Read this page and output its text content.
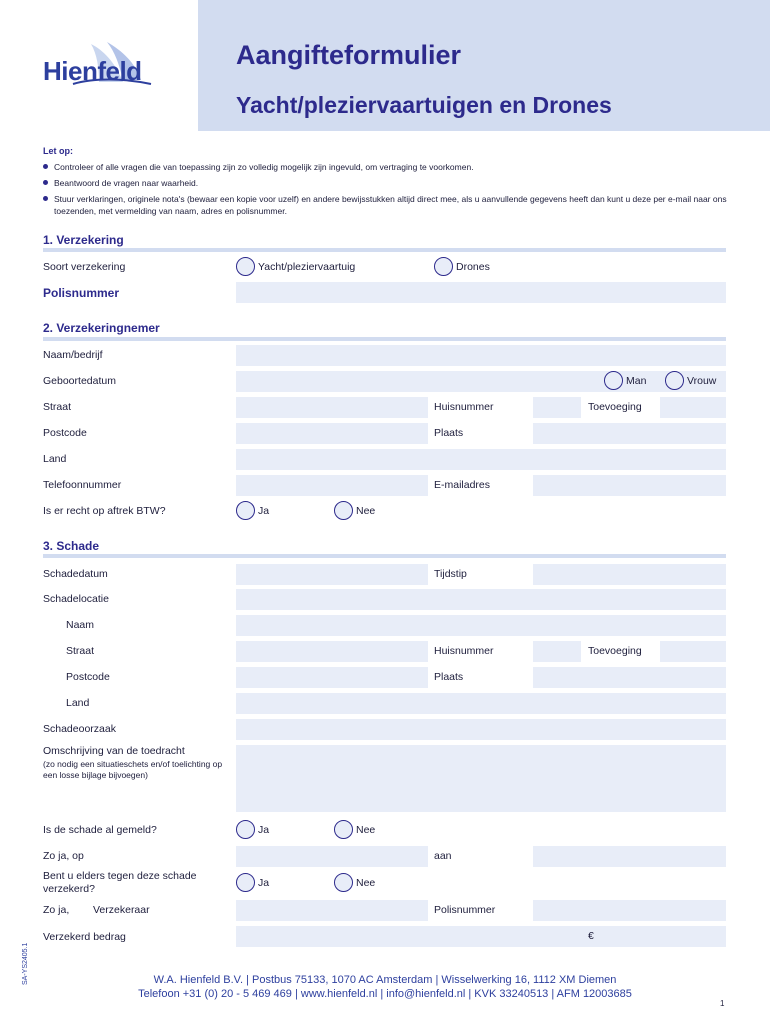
Hienfeld
Aangifteformulier
Yacht/pleziervaartuigen en Drones
Let op:
Controleer of alle vragen die van toepassing zijn zo volledig mogelijk zijn ingevuld, om vertraging te voorkomen.
Beantwoord de vragen naar waarheid.
Stuur verklaringen, originele nota's (bewaar een kopie voor uzelf) en andere bewijsstukken altijd direct mee, als u aanvullende gegevens heeft dan kunt u deze per e-mail naar ons toezenden, met vermelding van naam, adres en polisnummer.
1. Verzekering
Soort verzekering	Yacht/pleziervaartuig	Drones
Polisnummer
2. Verzekeringnemer
Naam/bedrijf
Geboortedatum	Man	Vrouw
Straat	Huisnummer	Toevoeging
Postcode	Plaats
Land
Telefoonnummer	E-mailadres
Is er recht op aftrek BTW?	Ja	Nee
3. Schade
Schadedatum	Tijdstip
Schadelocatie
Naam
Straat	Huisnummer	Toevoeging
Postcode	Plaats
Land
Schadeoorzaak
Omschrijving van de toedracht
(zo nodig een situatieschets en/of toelichting op een losse bijlage bijvoegen)
Is de schade al gemeld?	Ja	Nee
Zo ja, op	aan
Bent u elders tegen deze schade verzekerd?	Ja	Nee
Zo ja, Verzekeraar	Polisnummer
Verzekerd bedrag	€
W.A. Hienfeld B.V. | Postbus 75133, 1070 AC Amsterdam | Wisselwerking 16, 1112 XM Diemen
Telefoon +31 (0) 20 - 5 469 469 | www.hienfeld.nl | info@hienfeld.nl | KVK 33240513 | AFM 12003685
SA-YS2405.1
1
